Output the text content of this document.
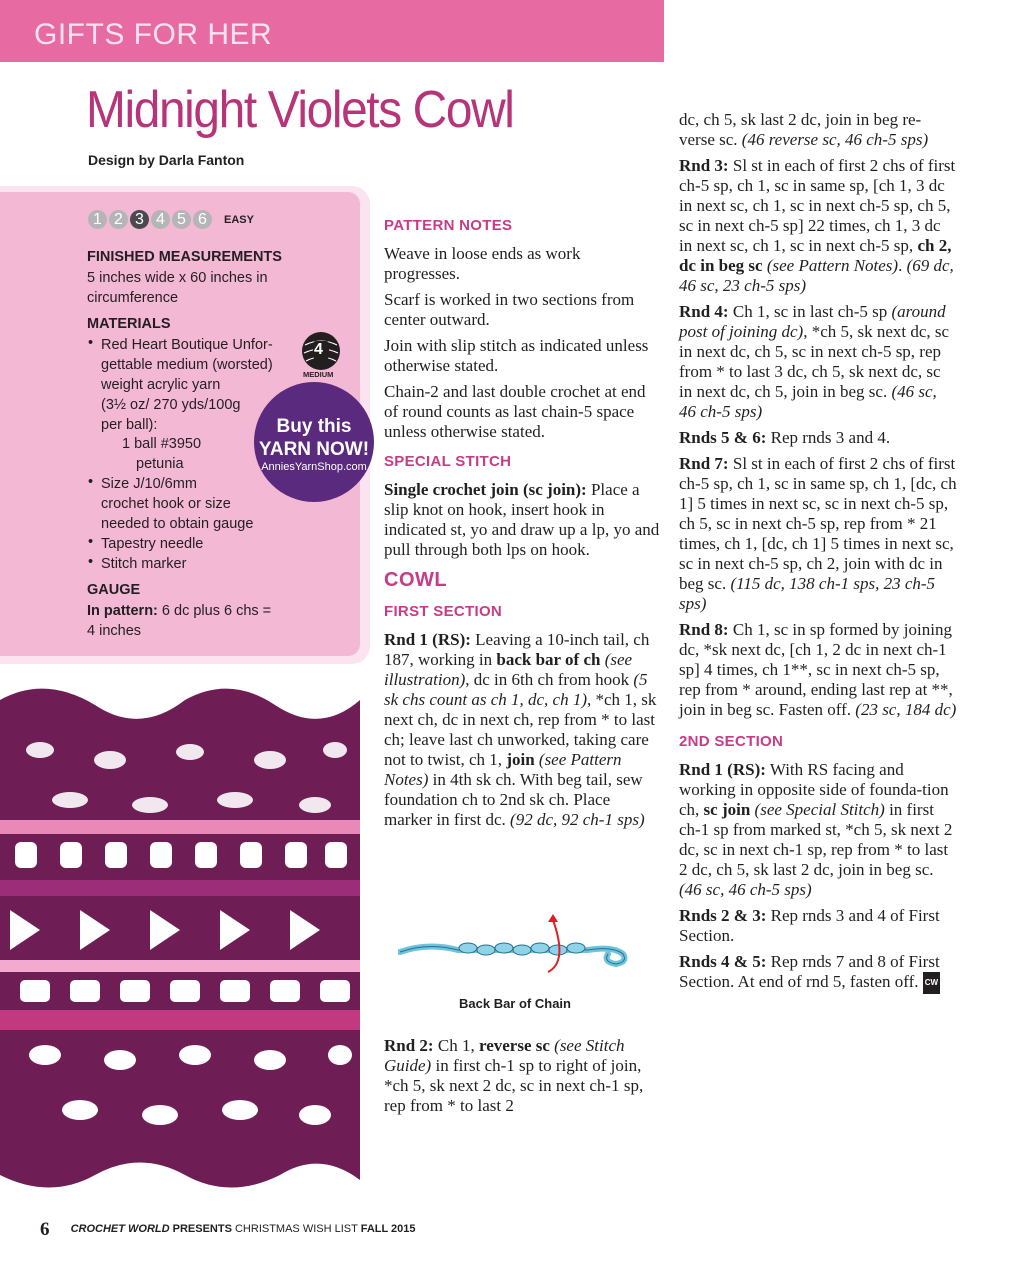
GIFTS FOR HER
Midnight Violets Cowl
Design by Darla Fanton
1 2 3 4 5 6	EASY
FINISHED MEASUREMENTS
5 inches wide x 60 inches in
circumference
MATERIALS
• Red Heart Boutique Unfor-
gettable medium (worsted)
weight acrylic yarn
(3½ oz/ 270 yds/100g
per ball):
1 ball #3950
petunia
• Size J/10/6mm
crochet hook or size
needed to obtain gauge
• Tapestry needle
• Stitch marker
GAUGE
In pattern: 6 dc plus 6 chs =
4 inches
4
MEDIUM
Buy this
YARN NOW!
AnniesYarnShop.com

PATTERN NOTES

Weave in loose ends as work progresses.

Scarf is worked in two sections from center outward.

Join with slip stitch as indicated unless otherwise stated.

Chain-2 and last double crochet at end of round counts as last chain-5 space unless otherwise stated.

SPECIAL STITCH

Single crochet join (sc join): Place a slip knot on hook, insert hook in indicated st, yo and draw up a lp, yo and pull through both lps on hook.

COWL

FIRST SECTION

Rnd 1 (RS): Leaving a 10-inch tail, ch 187, working in back bar of ch (see illustration), dc in 6th ch from hook (5 sk chs count as ch 1, dc, ch 1), *ch 1, sk next ch, dc in next ch, rep from * to last ch; leave last ch unworked, taking care not to twist, ch 1, join (see Pattern Notes) in 4th sk ch. With beg tail, sew foundation ch to 2nd sk ch. Place marker in first dc. (92 dc, 92 ch-1 sps)

Back Bar of Chain

Rnd 2: Ch 1, reverse sc (see Stitch Guide) in first ch-1 sp to right of join, *ch 5, sk next 2 dc, sc in next ch-1 sp, rep from * to last 2

dc, ch 5, sk last 2 dc, join in beg re-verse sc. (46 reverse sc, 46 ch-5 sps)

Rnd 3: Sl st in each of first 2 chs of first ch-5 sp, ch 1, sc in same sp, [ch 1, 3 dc in next sc, ch 1, sc in next ch-5 sp, ch 5, sc in next ch-5 sp] 22 times, ch 1, 3 dc in next sc, ch 1, sc in next ch-5 sp, ch 2, dc in beg sc (see Pattern Notes). (69 dc, 46 sc, 23 ch-5 sps)

Rnd 4: Ch 1, sc in last ch-5 sp (around post of joining dc), *ch 5, sk next dc, sc in next dc, ch 5, sc in next ch-5 sp, rep from * to last 3 dc, ch 5, sk next dc, sc in next dc, ch 5, join in beg sc. (46 sc, 46 ch-5 sps)

Rnds 5 & 6: Rep rnds 3 and 4.

Rnd 7: Sl st in each of first 2 chs of first ch-5 sp, ch 1, sc in same sp, ch 1, [dc, ch 1] 5 times in next sc, sc in next ch-5 sp, ch 5, sc in next ch-5 sp, rep from * 21 times, ch 1, [dc, ch 1] 5 times in next sc, sc in next ch-5 sp, ch 2, join with dc in beg sc. (115 dc, 138 ch-1 sps, 23 ch-5 sps)

Rnd 8: Ch 1, sc in sp formed by joining dc, *sk next dc, [ch 1, 2 dc in next ch-1 sp] 4 times, ch 1**, sc in next ch-5 sp, rep from * around, ending last rep at **, join in beg sc. Fasten off. (23 sc, 184 dc)

2ND SECTION

Rnd 1 (RS): With RS facing and working in opposite side of founda-tion ch, sc join (see Special Stitch) in first ch-1 sp from marked st, *ch 5, sk next 2 dc, sc in next ch-1 sp, rep from * to last 2 dc, ch 5, sk last 2 dc, join in beg sc. (46 sc, 46 ch-5 sps)

Rnds 2 & 3: Rep rnds 3 and 4 of First Section.

Rnds 4 & 5: Rep rnds 7 and 8 of First Section. At end of rnd 5, fasten off. CW

6 CROCHET WORLD PRESENTS CHRISTMAS WISH LIST FALL 2015
